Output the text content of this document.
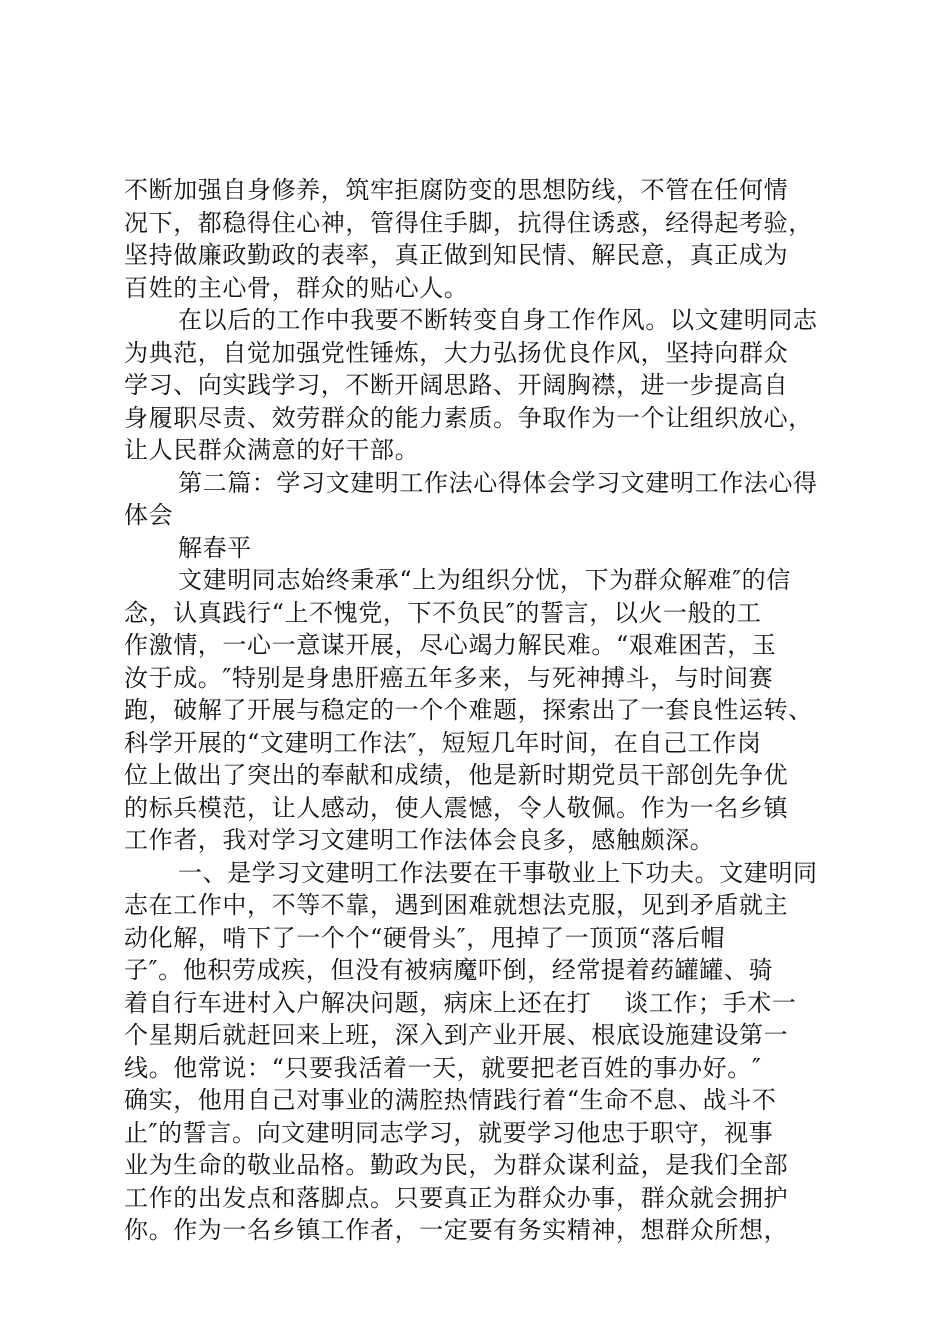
不断加强自身修养，筑牢拒腐防变的思想防线，不管在任何情
况下，都稳得住心神，管得住手脚，抗得住诱惑，经得起考验，
坚持做廉政勤政的表率，真正做到知民情、解民意，真正成为
百姓的主心骨，群众的贴心人。
在以后的工作中我要不断转变自身工作作风。以文建明同志
为典范，自觉加强党性锤炼，大力弘扬优良作风，坚持向群众
学习、向实践学习，不断开阔思路、开阔胸襟，进一步提高自
身履职尽责、效劳群众的能力素质。争取作为一个让组织放心，
让人民群众满意的好干部。
第二篇：学习文建明工作法心得体会学习文建明工作法心得
体会
解春平
文建明同志始终秉承“上为组织分忧，下为群众解难″的信
念，认真践行“上不愧党，下不负民″的誓言，以火一般的工
作激情，一心一意谋开展，尽心竭力解民难。“艰难困苦，玉
汝于成。″特别是身患肝癌五年多来，与死神搏斗，与时间赛
跑，破解了开展与稳定的一个个难题，探索出了一套良性运转、
科学开展的“文建明工作法″，短短几年时间，在自己工作岗
位上做出了突出的奉献和成绩，他是新时期党员干部创先争优
的标兵模范，让人感动，使人震憾，令人敬佩。作为一名乡镇
工作者，我对学习文建明工作法体会良多，感触颇深。
一、是学习文建明工作法要在干事敬业上下功夫。文建明同
志在工作中，不等不靠，遇到困难就想法克服，见到矛盾就主
动化解，啃下了一个个“硬骨头″，甩掉了一顶顶“落后帽
子″。他积劳成疾，但没有被病魔吓倒，经常提着药罐罐、骑
着自行车进村入户解决问题，病床上还在打　 谈工作；手术一
个星期后就赶回来上班，深入到产业开展、根底设施建设第一
线。他常说：“只要我活着一天，就要把老百姓的事办好。″
确实，他用自己对事业的满腔热情践行着“生命不息、战斗不
止″的誓言。向文建明同志学习，就要学习他忠于职守，视事
业为生命的敬业品格。勤政为民，为群众谋利益，是我们全部
工作的出发点和落脚点。只要真正为群众办事，群众就会拥护
你。作为一名乡镇工作者，一定要有务实精神，想群众所想，
